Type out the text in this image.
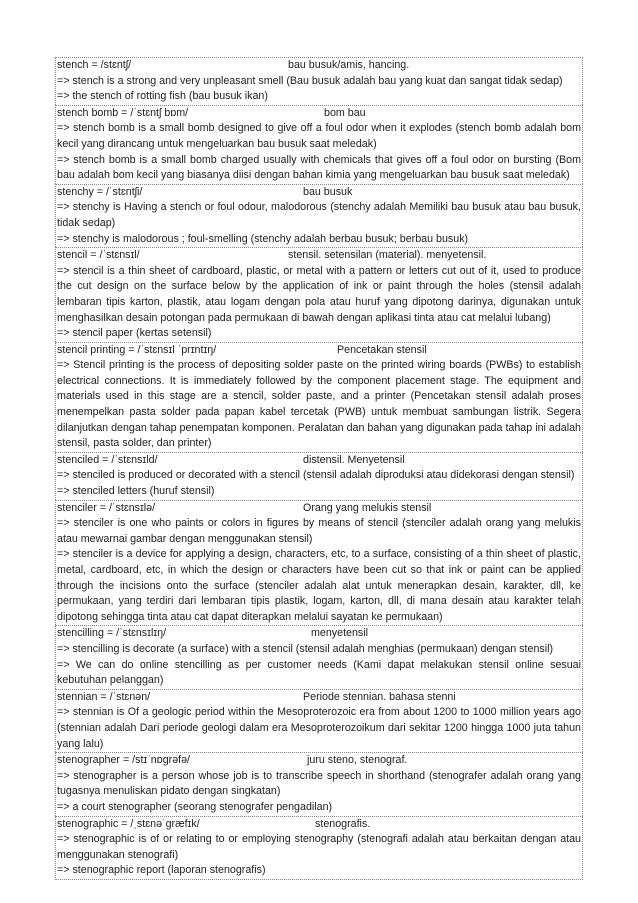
stench = /stɛntʃ/	bau busuk/amis, hancing.
=> stench is a strong and very unpleasant smell (Bau busuk adalah bau yang kuat dan sangat tidak sedap)
=> the stench of rotting fish (bau busuk ikan)
stench bomb = /ˈstɛntʃ bɒm/	bom bau
=> stench bomb is a small bomb designed to give off a foul odor when it explodes (stench bomb adalah bom kecil yang dirancang untuk mengeluarkan bau busuk saat meledak)
=> stench bomb is a small bomb charged usually with chemicals that gives off a foul odor on bursting (Bom bau adalah bom kecil yang biasanya diisi dengan bahan kimia yang mengeluarkan bau busuk saat meledak)
stenchy = /ˈstɛntʃi/	bau busuk
=> stenchy is Having a stench or foul odour, malodorous (stenchy adalah Memiliki bau busuk atau bau busuk, tidak sedap)
=> stenchy is malodorous ; foul-smelling (stenchy adalah berbau busuk; berbau busuk)
stencil = /ˈstɛnsɪl/	stensil. setensilan (material). menyetensil.
=> stencil is a thin sheet of cardboard, plastic, or metal with a pattern or letters cut out of it, used to produce the cut design on the surface below by the application of ink or paint through the holes (stensil adalah lembaran tipis karton, plastik, atau logam dengan pola atau huruf yang dipotong darinya, digunakan untuk menghasilkan desain potongan pada permukaan di bawah dengan aplikasi tinta atau cat melalui lubang)
=> stencil paper (kertas setensil)
stencil printing = /ˈstɛnsɪl ˈprɪntɪŋ/	Pencetakan stensil
=> Stencil printing is the process of depositing solder paste on the printed wiring boards (PWBs) to establish electrical connections. It is immediately followed by the component placement stage. The equipment and materials used in this stage are a stencil, solder paste, and a printer (Pencetakan stensil adalah proses menempelkan pasta solder pada papan kabel tercetak (PWB) untuk membuat sambungan listrik. Segera dilanjutkan dengan tahap penempatan komponen. Peralatan dan bahan yang digunakan pada tahap ini adalah stensil, pasta solder, dan printer)
stenciled = /ˈstɛnsɪld/	distensil. Menyetensil
=> stenciled is produced or decorated with a stencil (stensil adalah diproduksi atau didekorasi dengan stensil)
=> stenciled letters (huruf stensil)
stenciler = /ˈstɛnsɪlə/	Orang yang melukis stensil
=> stenciler is one who paints or colors in figures by means of stencil (stenciler adalah orang yang melukis atau mewarnai gambar dengan menggunakan stensil)
=> stenciler is a device for applying a design, characters, etc, to a surface, consisting of a thin sheet of plastic, metal, cardboard, etc, in which the design or characters have been cut so that ink or paint can be applied through the incisions onto the surface (stenciler adalah alat untuk menerapkan desain, karakter, dll, ke permukaan, yang terdiri dari lembaran tipis plastik, logam, karton, dll, di mana desain atau karakter telah dipotong sehingga tinta atau cat dapat diterapkan melalui sayatan ke permukaan)
stencilling = /ˈstɛnsɪlɪŋ/	menyetensil
=> stencilling is decorate (a surface) with a stencil (stensil adalah menghias (permukaan) dengan stensil)
=> We can do online stencilling as per customer needs (Kami dapat melakukan stensil online sesuai kebutuhan pelanggan)
stennian = /ˈstɛnən/	Periode stennian. bahasa stenni
=> stennian is Of a geologic period within the Mesoproterozoic era from about 1200 to 1000 million years ago (stennian adalah Dari periode geologi dalam era Mesoproterozoikum dari sekitar 1200 hingga 1000 juta tahun yang lalu)
stenographer = /stɪˈnɒɡrəfə/	juru steno, stenograf.
=> stenographer is a person whose job is to transcribe speech in shorthand (stenografer adalah orang yang tugasnya menuliskan pidato dengan singkatan)
=> a court stenographer (seorang stenografer pengadilan)
stenographic = /ˌstɛnəˈɡræfɪk/	stenografis.
=> stenographic is of or relating to or employing stenography (stenografi adalah atau berkaitan dengan atau menggunakan stenografi)
=> stenographic report (laporan stenografis)
